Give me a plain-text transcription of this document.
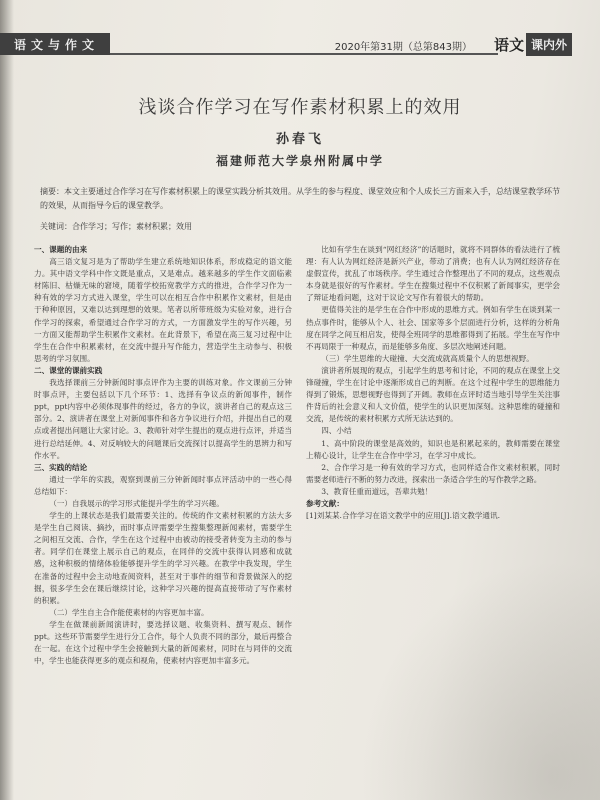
语文与作文	2020年第31期（总第843期） 语文 课内外
浅谈合作学习在写作素材积累上的效用
孙春飞
福建师范大学泉州附属中学
摘要：本文主要通过合作学习在写作素材积累上的课堂实践分析其效用。从学生的参与程度、课堂效应和个人成长三方面来入手，总结课堂教学环节的效果，从而指导今后的课堂教学。
关键词：合作学习；写作；素材积累；效用

一、课题的由来

高三语文复习是为了帮助学生建立系统地知识体系，形成稳定的语文能力。其中语文学科中作文既是重点，又是难点。越来越多的学生作文面临素材陈旧、枯燥无味的窘境，随着学校拓宽教学方式的推进，合作学习作为一种有效的学习方式进入课堂，学生可以在相互合作中积累作文素材，但是由于种种原因，又难以达到理想的效果。笔者以所带班级为实验对象，进行合作学习的探索，希望通过合作学习的方式，一方面激发学生的写作兴趣，另一方面又能帮助学生积累作文素材。在此背景下，希望在高三复习过程中让学生在合作中积累素材，在交流中提升写作能力，营造学生主动参与、积极思考的学习氛围。

二、课堂的课前实践

我选择课前三分钟新闻时事点评作为主要的训练对象。作文课前三分钟时事点评，主要包括以下几个环节：1、选择有争议点的新闻事件，制作ppt，ppt内容中必须体现事件的经过，各方的争议，演讲者自己的观点这三部分。2、演讲者在课堂上对新闻事件和各方争议进行介绍，并提出自己的观点或者提出问题让大家讨论。3、教师针对学生提出的观点进行点评，并适当进行总结延伸。4、对反响较大的问题课后交流探讨以提高学生的思辨力和写作水平。

三、实践的结论

通过一学年的实践，观察到课前三分钟新闻时事点评活动中的一些心得总结如下：

（一）自我展示的学习形式能提升学生的学习兴趣。

学生的上课状态是我们最需要关注的。传统的作文素材积累的方法大多是学生自己阅读、摘抄，而时事点评需要学生搜集整理新闻素材，需要学生之间相互交流、合作，学生在这个过程中由被动的接受者转变为主动的参与者。同学们在课堂上展示自己的观点，在同伴的交流中获得认同感和成就感，这种积极的情绪体验能够提升学生的学习兴趣。在教学中我发现，学生在准备的过程中会主动地查阅资料，甚至对于事件的细节和背景做深入的挖掘，很多学生会在课后继续讨论，这种学习兴趣的提高直接带动了写作素材的积累。

（二）学生自主合作能使素材的内容更加丰富。

学生在做课前新闻演讲时，要选择议题、收集资料、撰写观点、制作ppt。这些环节需要学生进行分工合作，每个人负责不同的部分，最后再整合在一起。在这个过程中学生会接触到大量的新闻素材，同时在与同伴的交流中，学生也能获得更多的观点和视角，使素材内容更加丰富多元。

比如有学生在谈到“网红经济”的话题时，就将不同群体的看法进行了梳理：有人认为网红经济是新兴产业，带动了消费；也有人认为网红经济存在虚假宣传，扰乱了市场秩序。学生通过合作整理出了不同的观点，这些观点本身就是很好的写作素材。学生在搜集过程中不仅积累了新闻事实，更学会了辩证地看问题，这对于议论文写作有着很大的帮助。

更值得关注的是学生在合作中形成的思维方式。例如有学生在谈到某一热点事件时，能够从个人、社会、国家等多个层面进行分析，这样的分析角度在同学之间互相启发，使得全班同学的思维都得到了拓展。学生在写作中不再局限于一种观点，而是能够多角度、多层次地阐述问题。

（三）学生思维的大碰撞、大交流成就高质量个人的思想视野。

演讲者所展现的观点，引起学生的思考和讨论，不同的观点在课堂上交锋碰撞，学生在讨论中逐渐形成自己的判断。在这个过程中学生的思维能力得到了锻炼，思想视野也得到了开阔。教师在点评时适当地引导学生关注事件背后的社会意义和人文价值，使学生的认识更加深刻。这种思维的碰撞和交流，是传统的素材积累方式所无法达到的。

四、小结

1、高中阶段的课堂是高效的，知识也是积累起来的，教师需要在课堂上精心设计，让学生在合作中学习，在学习中成长。

2、合作学习是一种有效的学习方式，也同样适合作文素材积累，同时需要老师进行不断的努力改进，探索出一条适合学生的写作教学之路。

3、教育任重而道远，吾辈共勉！

参考文献：

[1]刘某某.合作学习在语文教学中的应用[J].语文教学通讯.
